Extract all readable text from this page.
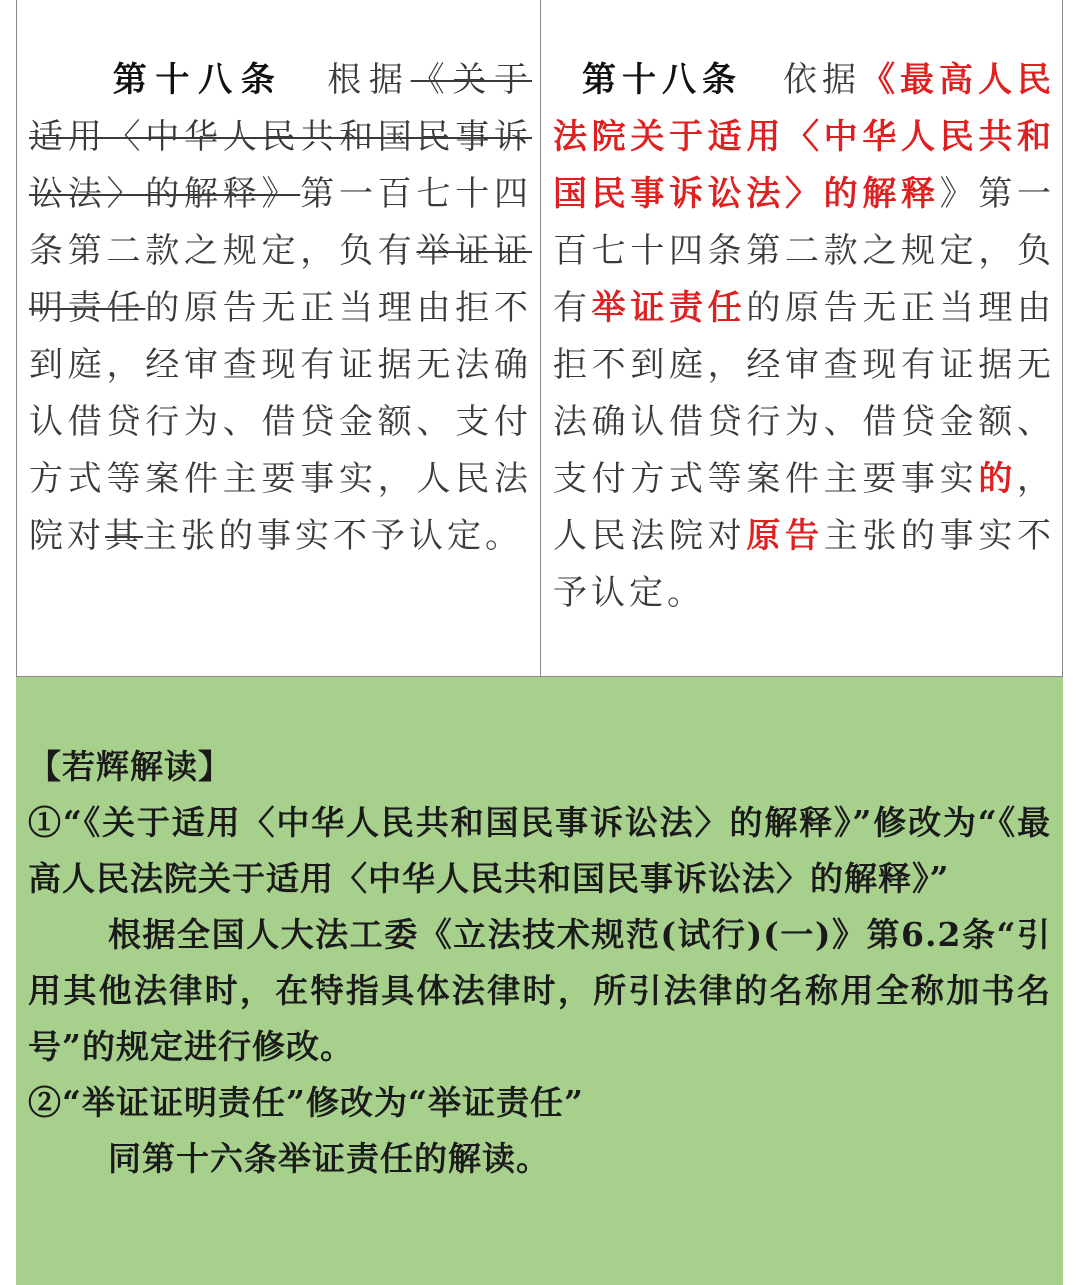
第十八条 根据《关于适用〈中华人民共和国民事诉讼法〉的解释》第一百七十四条第二款之规定，负有举证证明责任的原告无正当理由拒不到庭，经审查现有证据无法确认借贷行为、借贷金额、支付方式等案件主要事实，人民法院对其主张的事实不予认定。
第十八条 依据《最高人民法院关于适用〈中华人民共和国民事诉讼法〉的解释》第一百七十四条第二款之规定，负有举证责任的原告无正当理由拒不到庭，经审查现有证据无法确认借贷行为、借贷金额、支付方式等案件主要事实的，人民法院对原告主张的事实不予认定。

【若辉解读】

①“《关于适用〈中华人民共和国民事诉讼法〉的解释》”修改为“《最高人民法院关于适用〈中华人民共和国民事诉讼法〉的解释》”

根据全国人大法工委《立法技术规范(试行)(一)》第6.2条“引用其他法律时，在特指具体法律时，所引法律的名称用全称加书名号”的规定进行修改。

②“举证证明责任”修改为“举证责任”

同第十六条举证责任的解读。
